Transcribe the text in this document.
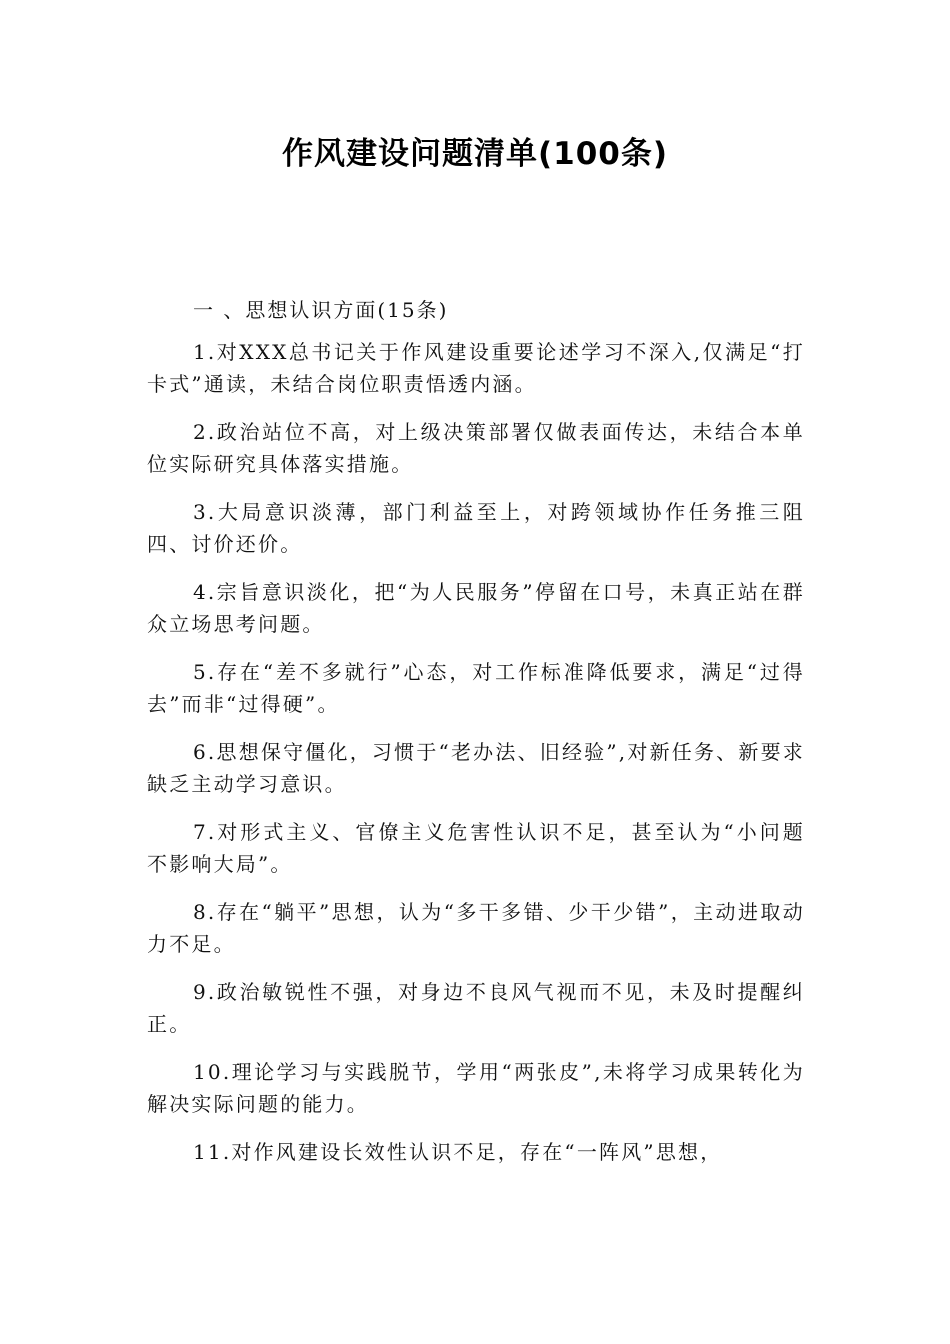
作风建设问题清单(100条)

一 、思想认识方面(15条)

1.对XXX总书记关于作风建设重要论述学习不深入,仅满足“打卡式”通读，未结合岗位职责悟透内涵。

2.政治站位不高，对上级决策部署仅做表面传达，未结合本单位实际研究具体落实措施。

3.大局意识淡薄，部门利益至上，对跨领域协作任务推三阻四、讨价还价。

4.宗旨意识淡化，把“为人民服务”停留在口号，未真正站在群众立场思考问题。

5.存在“差不多就行”心态，对工作标准降低要求，满足“过得去”而非“过得硬”。

6.思想保守僵化，习惯于“老办法、旧经验”,对新任务、新要求缺乏主动学习意识。

7.对形式主义、官僚主义危害性认识不足，甚至认为“小问题不影响大局”。

8.存在“躺平”思想，认为“多干多错、少干少错”，主动进取动力不足。

9.政治敏锐性不强，对身边不良风气视而不见，未及时提醒纠正。

10.理论学习与实践脱节，学用“两张皮”,未将学习成果转化为解决实际问题的能力。

11.对作风建设长效性认识不足，存在“一阵风”思想，
